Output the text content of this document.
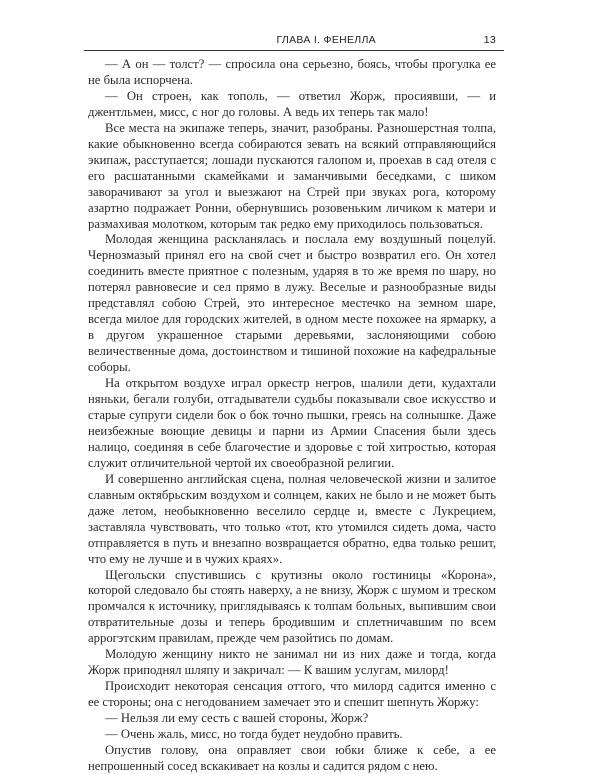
ГЛАВА I. ФЕНЕЛЛА	13

— А он — толст? — спросила она серьезно, боясь, чтобы прогулка ее не была испорчена.

— Он строен, как тополь, — ответил Жорж, просиявши, — и джентльмен, мисс, с ног до головы. А ведь их теперь так мало!

Все места на экипаже теперь, значит, разобраны. Разношерстная толпа, какие обыкновенно всегда собираются зевать на всякий отправляющийся экипаж, расступается; лошади пускаются галопом и, проехав в сад отеля с его расшатанными скамейками и заманчивыми беседками, с шиком заворачивают за угол и выезжают на Стрей при звуках рога, которому азартно подражает Ронни, обернувшись розовеньким личиком к матери и размахивая молотком, которым так редко ему приходилось пользоваться.

Молодая женщина раскланялась и послала ему воздушный поцелуй. Чернозмазый принял его на свой счет и быстро возвратил его. Он хотел соединить вместе приятное с полезным, ударяя в то же время по шару, но потерял равновесие и сел прямо в лужу. Веселые и разнообразные виды представлял собою Стрей, это интересное местечко на земном шаре, всегда милое для городских жителей, в одном месте похожее на ярмарку, а в другом украшенное старыми деревьями, заслоняющими собою величественные дома, достоинством и тишиной похожие на кафедральные соборы.

На открытом воздухе играл оркестр негров, шалили дети, кудахтали няньки, бегали голуби, отгадыватели судьбы показывали свое искусство и старые супруги сидели бок о бок точно пышки, греясь на солнышке. Даже неизбежные воющие девицы и парни из Армии Спасения были здесь налицо, соединяя в себе благочестие и здоровье с той хитростью, которая служит отличительной чертой их своеобразной религии.

И совершенно английская сцена, полная человеческой жизни и залитое славным октябрьским воздухом и солнцем, каких не было и не может быть даже летом, необыкновенно веселило сердце и, вместе с Лукрецием, заставляла чувствовать, что только «тот, кто утомился сидеть дома, часто отправляется в путь и внезапно возвращается обратно, едва только решит, что ему не лучше и в чужих краях».

Щегольски спустившись с крутизны около гостиницы «Корона», которой следовало бы стоять наверху, а не внизу, Жорж с шумом и треском промчался к источнику, приглядываясь к толпам больных, выпившим свои отвратительные дозы и теперь бродившим и сплетничавшим по всем аррогэтским правилам, прежде чем разойтись по домам.

Молодую женщину никто не занимал ни из них даже и тогда, когда Жорж приподнял шляпу и закричал: — К вашим услугам, милорд!

Происходит некоторая сенсация оттого, что милорд садится именно с ее стороны; она с негодованием замечает это и спешит шепнуть Жоржу:

— Нельзя ли ему сесть с вашей стороны, Жорж?

— Очень жаль, мисс, но тогда будет неудобно править.

Опустив голову, она оправляет свои юбки ближе к себе, а ее непрошенный сосед вскакивает на козлы и садится рядом с нею.
